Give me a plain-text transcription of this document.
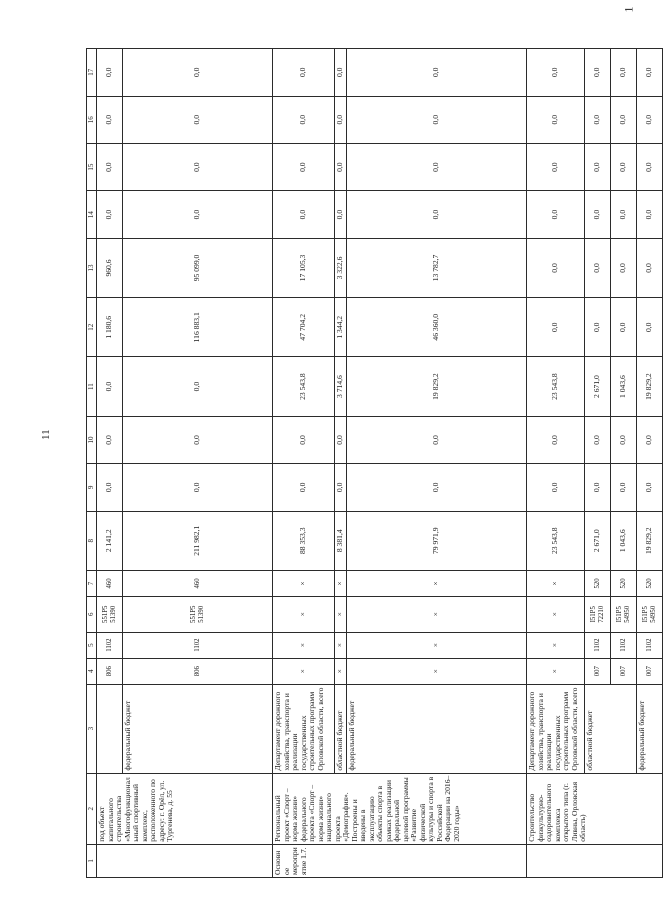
1
11
1	2	3	4	5	6	7	8	9	10	11	12	13	14	15	16	17
	под объект капитального строительства «Многофункциональный спортивный комплекс, расположенного по адресу: г. Орёл, ул. Тургенева, д. 55		806	1102	551P5 51390	460	2 141,2	0,0	0,0	0,0	1 180,6	960,6	0,0	0,0	0,0	0,0
		федеральный бюджет	806	1102	551P5 51390	460	211 982,1	0,0	0,0	0,0	116 883,1	95 099,0	0,0	0,0	0,0	0,0
Основное мероприятие 1.7.	Региональный проект «Спорт – норма жизни» федерального проекта «Спорт – норма жизни» национального проекта «Демография». Построены и введены в эксплуатацию объекты спорта в рамках реализации федеральной целевой программы «Развитие физической культуры и спорта в Российской Федерации на 2016–2020 годы»	Департамент дорожного хозяйства, транспорта и реализации государственных строительных программ Орловской области, всего	×	×	×	×	88 353,3	0,0	0,0	23 543,8	47 704,2	17 105,3	0,0	0,0	0,0	0,0
		областной бюджет	×	×	×	×	8 381,4	0,0	0,0	3 714,6	1 344,2	3 322,6	0,0	0,0	0,0	0,0
		федеральный бюджет	×	×	×	×	79 971,9	0,0	0,0	19 829,2	46 360,0	13 782,7	0,0	0,0	0,0	0,0
	Строительство физкультурно-оздоровительного комплекса открытого типа (г. Ливны, Орловская область)	Департамент дорожного хозяйства, транспорта и реализации государственных строительных программ Орловской области, всего	×	×	×	×	23 543,8	0,0	0,0	23 543,8	0,0	0,0	0,0	0,0	0,0	0,0
		областной бюджет	007	1102	I51P5 72210	520	2 671,0	0,0	0,0	2 671,0	0,0	0,0	0,0	0,0	0,0	0,0
			007	1102	I51P5 54950	520	1 043,6	0,0	0,0	1 043,6	0,0	0,0	0,0	0,0	0,0	0,0
		федеральный бюджет	007	1102	I51P5 54950	520	19 829,2	0,0	0,0	19 829,2	0,0	0,0	0,0	0,0	0,0	0,0
